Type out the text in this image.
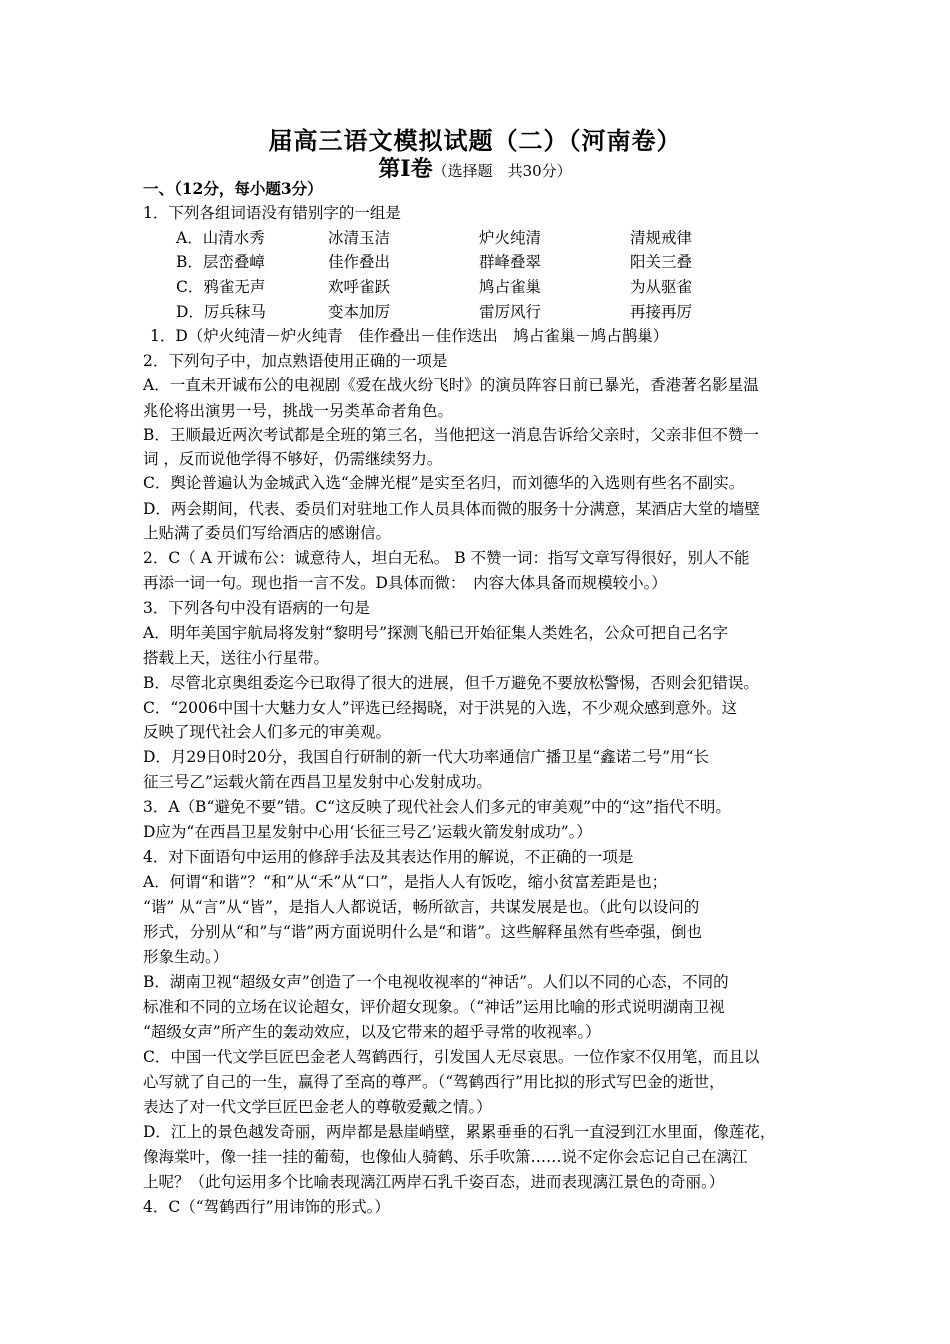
届高三语文模拟试题（二）（河南卷）
第Ⅰ卷（选择题　共30分）
一、（12分，每小题3分）
1．下列各组词语没有错别字的一组是
A．山清水秀	冰清玉洁	炉火纯清	清规戒律
B．层峦叠嶂	佳作叠出	群峰叠翠	阳关三叠
C．鸦雀无声	欢呼雀跃	鸠占雀巢	为从驱雀
D．厉兵秣马	变本加厉	雷厉风行	再接再厉
1．D（炉火纯清－炉火纯青　佳作叠出－佳作迭出　鸠占雀巢－鸠占鹊巢）
2．下列句子中，加点熟语使用正确的一项是
A．一直未开诚布公的电视剧《爱在战火纷飞时》的演员阵容日前已暴光，香港著名影星温
兆伦将出演男一号，挑战一另类革命者角色。
B．王顺最近两次考试都是全班的第三名，当他把这一消息告诉给父亲时，父亲非但不赞一
词 ，反而说他学得不够好，仍需继续努力。
C．舆论普遍认为金城武入选“金牌光棍”是实至名归，而刘德华的入选则有些名不副实。
D．两会期间，代表、委员们对驻地工作人员具体而微的服务十分满意，某酒店大堂的墙壁
上贴满了委员们写给酒店的感谢信。
2．C（ A 开诚布公：诚意待人，坦白无私。 B 不赞一词：指写文章写得很好，别人不能
再添一词一句。现也指一言不发。D具体而微：　内容大体具备而规模较小。）
3．下列各句中没有语病的一句是
A．明年美国宇航局将发射“黎明号”探测飞船已开始征集人类姓名，公众可把自己名字
搭载上天，送往小行星带。
B．尽管北京奥组委迄今已取得了很大的进展，但千万避免不要放松警惕，否则会犯错误。
C．“2006中国十大魅力女人”评选已经揭晓，对于洪晃的入选，不少观众感到意外。这
反映了现代社会人们多元的审美观。
D．月29日0时20分，我国自行研制的新一代大功率通信广播卫星“鑫诺二号”用“长
征三号乙”运载火箭在西昌卫星发射中心发射成功。
3．A（B“避免不要”错。C“这反映了现代社会人们多元的审美观”中的“这”指代不明。
D应为“在西昌卫星发射中心用‘长征三号乙’运载火箭发射成功”。）
4．对下面语句中运用的修辞手法及其表达作用的解说，不正确的一项是
A．何谓“和谐”？“和”从“禾”从“口”，是指人人有饭吃，缩小贫富差距是也；
“谐” 从“言”从“皆”，是指人人都说话，畅所欲言，共谋发展是也。（此句以设问的
形式，分别从“和”与“谐”两方面说明什么是“和谐”。这些解释虽然有些牵强，倒也
形象生动。）
B．湖南卫视“超级女声”创造了一个电视收视率的“神话”。人们以不同的心态，不同的
标准和不同的立场在议论超女，评价超女现象。（“神话”运用比喻的形式说明湖南卫视
“超级女声”所产生的轰动效应，以及它带来的超乎寻常的收视率。）
C．中国一代文学巨匠巴金老人驾鹤西行，引发国人无尽哀思。一位作家不仅用笔，而且以
心写就了自己的一生，赢得了至高的尊严。（“驾鹤西行”用比拟的形式写巴金的逝世，
表达了对一代文学巨匠巴金老人的尊敬爱戴之情。）
D．江上的景色越发奇丽，两岸都是悬崖峭壁，累累垂垂的石乳一直浸到江水里面，像莲花，
像海棠叶，像一挂一挂的葡萄，也像仙人骑鹤、乐手吹箫……说不定你会忘记自己在漓江
上呢？（此句运用多个比喻表现漓江两岸石乳千姿百态，进而表现漓江景色的奇丽。）
4．C（“驾鹤西行”用讳饰的形式。）
